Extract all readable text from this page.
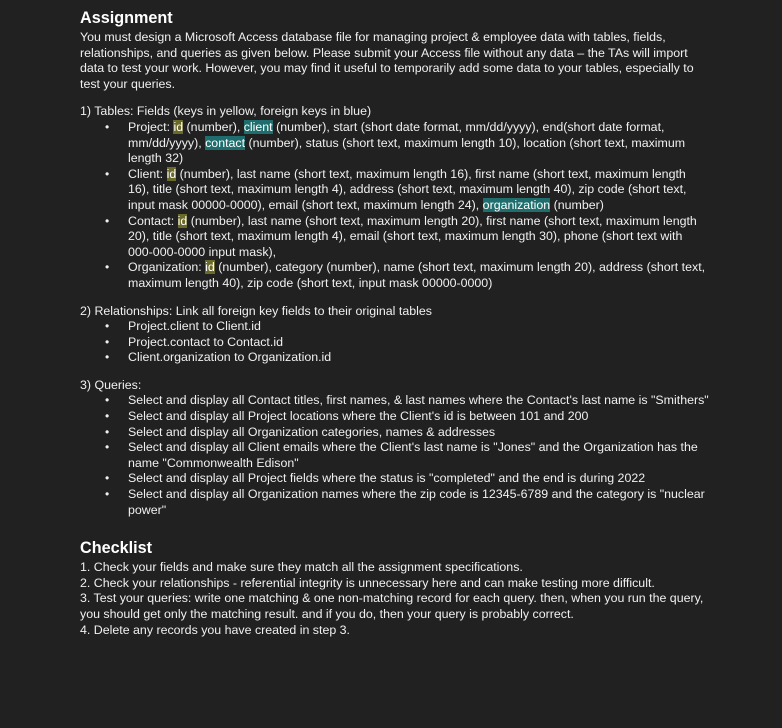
Assignment

You must design a Microsoft Access database file for managing project & employee data with tables, fields, relationships, and queries as given below. Please submit your Access file without any data – the TAs will import data to test your work. However, you may find it useful to temporarily add some data to your tables, especially to test your queries.

1) Tables: Fields (keys in yellow, foreign keys in blue)

• Project: id (number), client (number), start (short date format, mm/dd/yyyy), end(short date format, mm/dd/yyyy), contact (number), status (short text, maximum length 10), location (short text, maximum length 32)
• Client: id (number), last name (short text, maximum length 16), first name (short text, maximum length 16), title (short text, maximum length 4), address (short text, maximum length 40), zip code (short text, input mask 00000-0000), email (short text, maximum length 24), organization (number)
• Contact: id (number), last name (short text, maximum length 20), first name (short text, maximum length 20), title (short text, maximum length 4), email (short text, maximum length 30), phone (short text with 000-000-0000 input mask),
• Organization: id (number), category (number), name (short text, maximum length 20), address (short text, maximum length 40), zip code (short text, input mask 00000-0000)

2) Relationships: Link all foreign key fields to their original tables

• Project.client to Client.id
• Project.contact to Contact.id
• Client.organization to Organization.id

3) Queries:

• Select and display all Contact titles, first names, & last names where the Contact's last name is "Smithers"
• Select and display all Project locations where the Client's id is between 101 and 200
• Select and display all Organization categories, names & addresses
• Select and display all Client emails where the Client's last name is "Jones" and the Organization has the name "Commonwealth Edison"
• Select and display all Project fields where the status is "completed" and the end is during 2022
• Select and display all Organization names where the zip code is 12345-6789 and the category is "nuclear power"
Checklist

1. Check your fields and make sure they match all the assignment specifications.

2. Check your relationships - referential integrity is unnecessary here and can make testing more difficult.

3. Test your queries: write one matching & one non-matching record for each query. then, when you run the query, you should get only the matching result. and if you do, then your query is probably correct.

4. Delete any records you have created in step 3.
